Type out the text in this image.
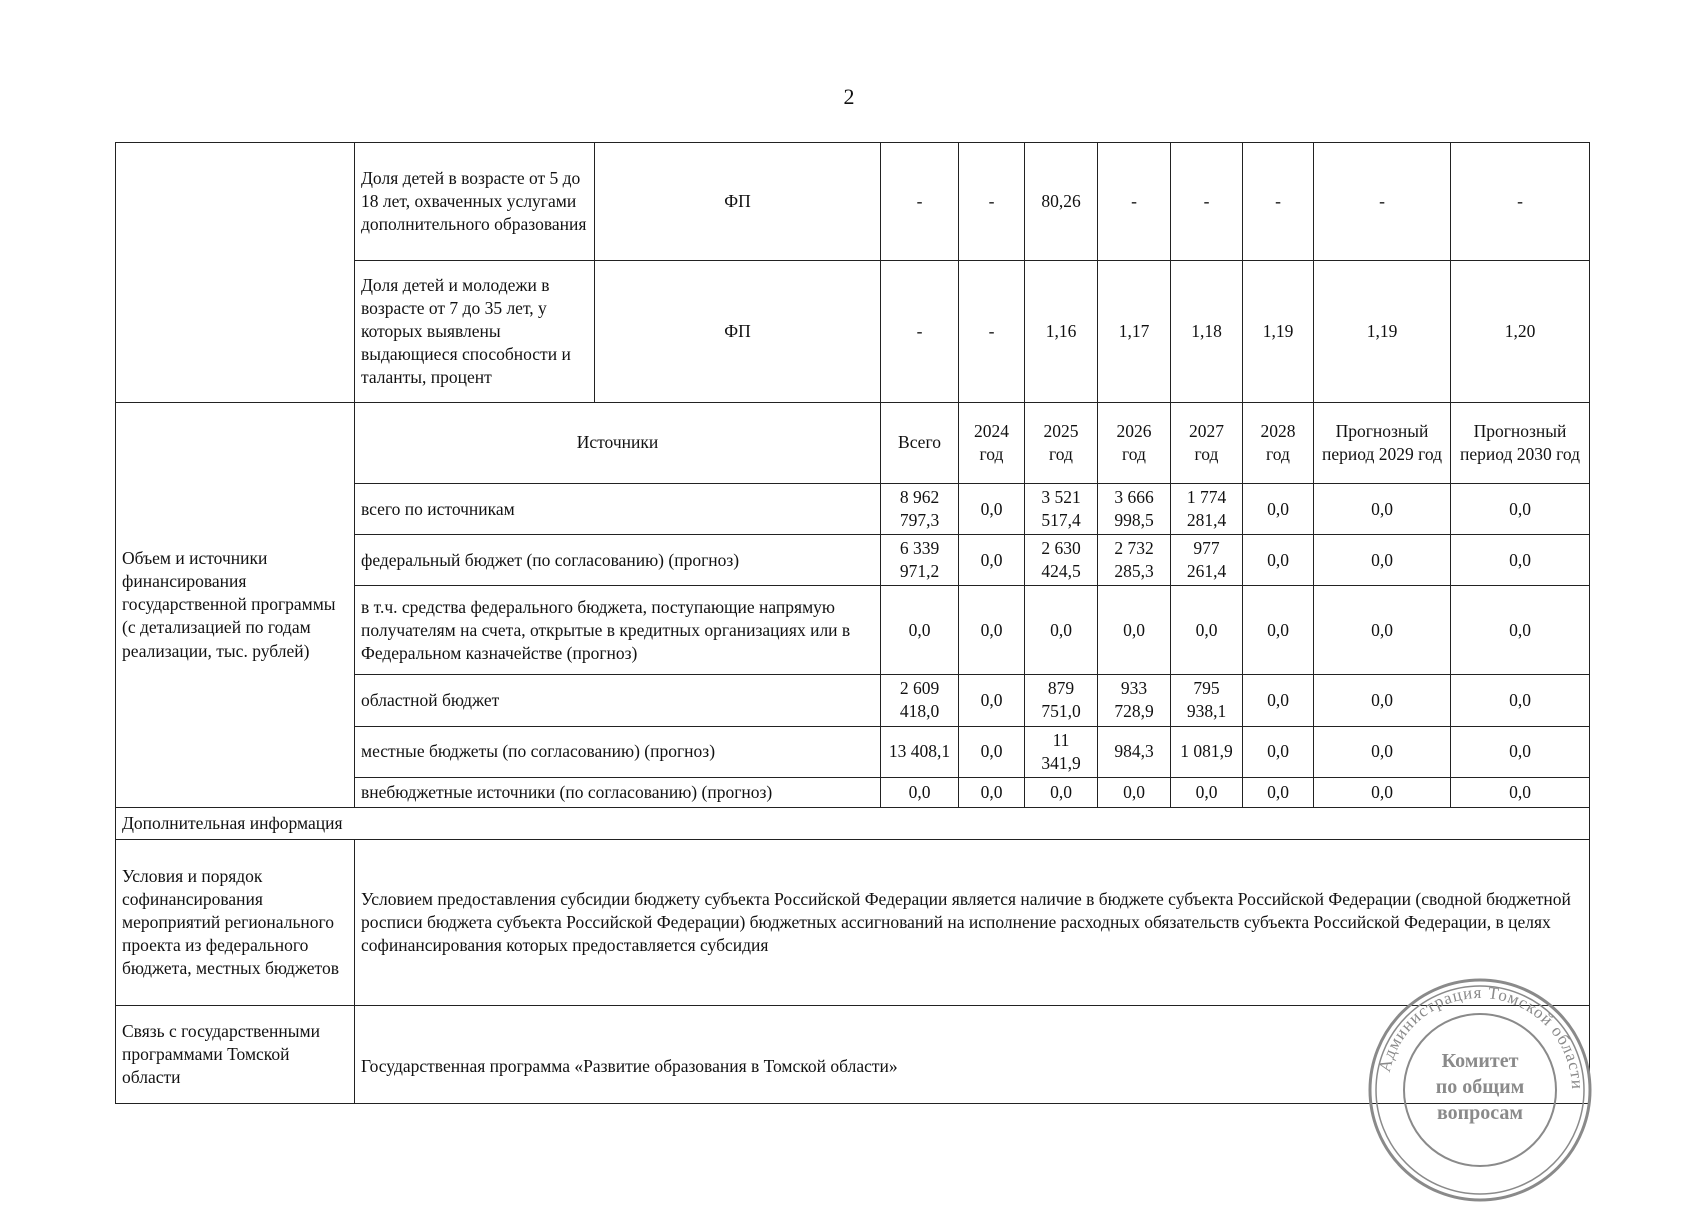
2
	Доля детей в возрасте от 5 до 18 лет, охваченных услугами дополнительного образования	ФП	-	-	80,26	-	-	-	-	-
	Доля детей и молодежи в возрасте от 7 до 35 лет, у которых выявлены выдающиеся способности и таланты, процент	ФП	-	-	1,16	1,17	1,18	1,19	1,19	1,20
Объем и источники финансирования государственной программы (с детализацией по годам реализации, тыс. рублей)	Источники		Всего	2024 год	2025 год	2026 год	2027 год	2028 год	Прогнозный период 2029 год	Прогнозный период 2030 год
	всего по источникам		8 962 797,3	0,0	3 521 517,4	3 666 998,5	1 774 281,4	0,0	0,0	0,0
	федеральный бюджет (по согласованию) (прогноз)		6 339 971,2	0,0	2 630 424,5	2 732 285,3	977 261,4	0,0	0,0	0,0
	в т.ч. средства федерального бюджета, поступающие напрямую получателям на счета, открытые в кредитных организациях или в Федеральном казначействе (прогноз)		0,0	0,0	0,0	0,0	0,0	0,0	0,0	0,0
	областной бюджет		2 609 418,0	0,0	879 751,0	933 728,9	795 938,1	0,0	0,0	0,0
	местные бюджеты (по согласованию) (прогноз)		13 408,1	0,0	11 341,9	984,3	1 081,9	0,0	0,0	0,0
	внебюджетные источники (по согласованию) (прогноз)		0,0	0,0	0,0	0,0	0,0	0,0	0,0	0,0
Дополнительная информация										
Условия и порядок софинансирования мероприятий регионального проекта из федерального бюджета, местных бюджетов	Условием предоставления субсидии бюджету субъекта Российской Федерации является наличие в бюджете субъекта Российской Федерации (сводной бюджетной росписи бюджета субъекта Российской Федерации) бюджетных ассигнований на исполнение расходных обязательств субъекта Российской Федерации, в целях софинансирования которых предоставляется субсидия									
Связь с государственными программами Томской области	Государственная программа «Развитие образования в Томской области»										Администрация Томской области
Комитет
по общим
вопросам
